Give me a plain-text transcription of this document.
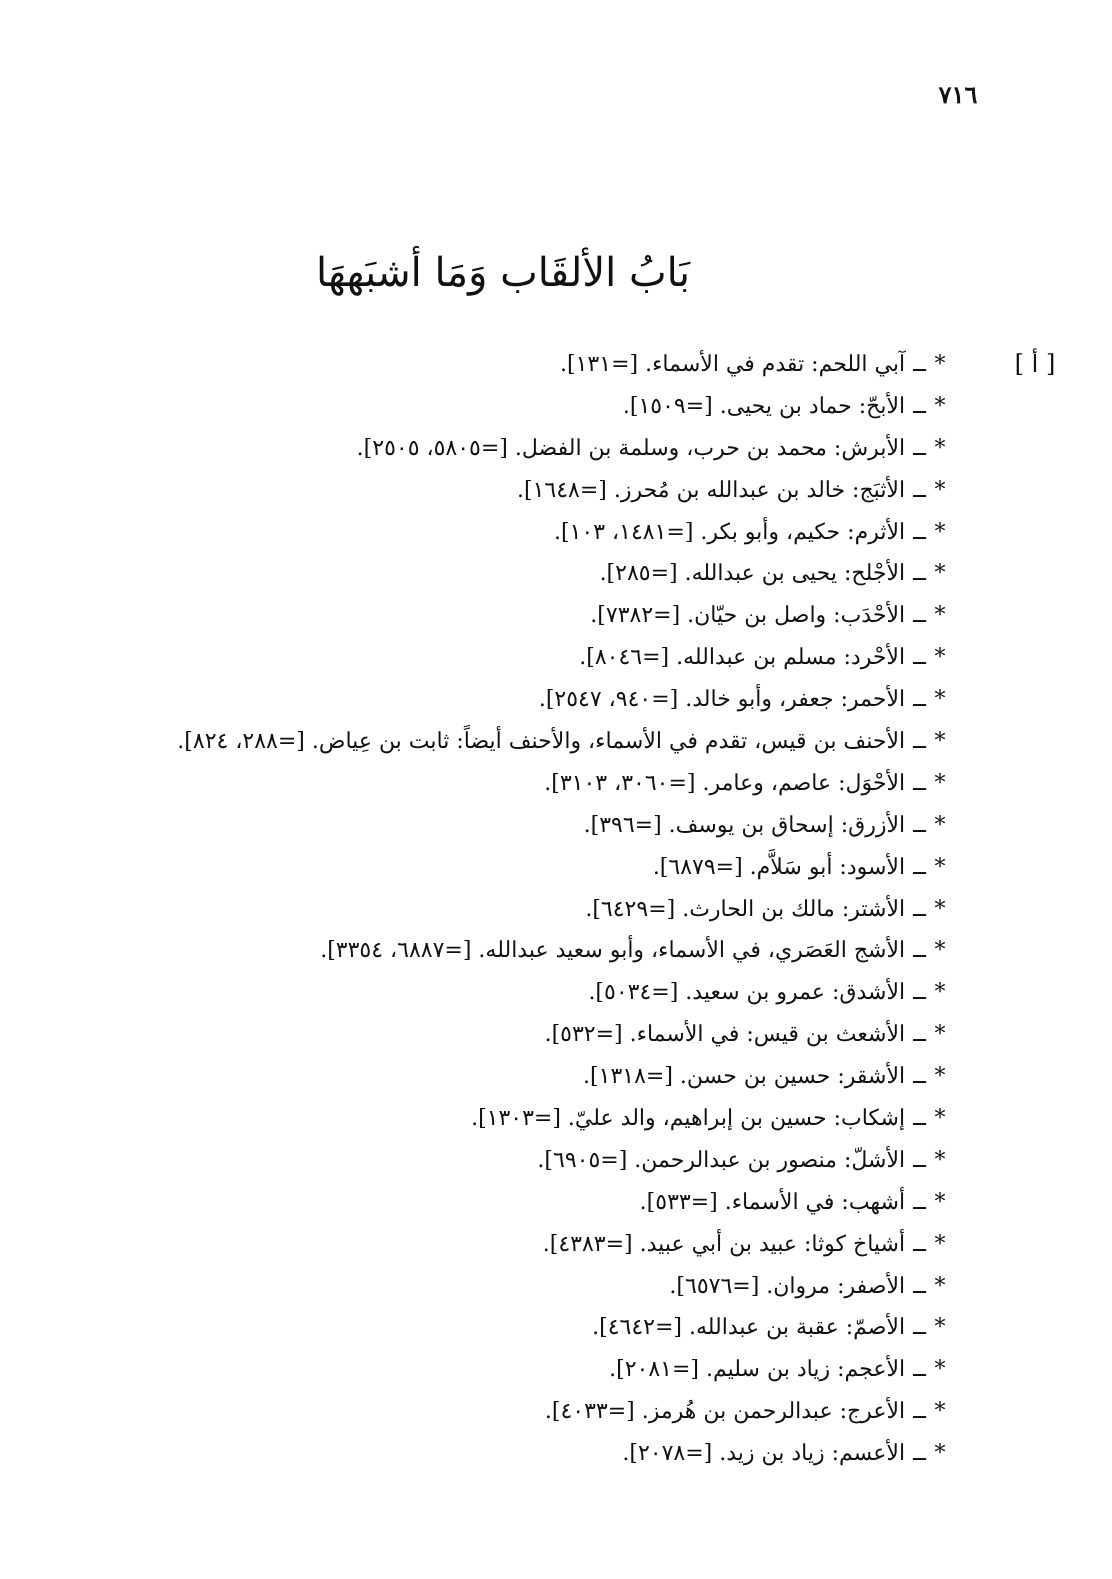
٧١٦
بَابُ الألقَاب وَمَا أشبَههَا
[ أ ]
*ــآبي اللحم: تقدم في الأسماء. [=١٣١].
*ــالأبحّ: حماد بن يحيى. [=١٥٠٩].
*ــالأبرش: محمد بن حرب، وسلمة بن الفضل. [=٥٨٠٥، ٢٥٠٥].
*ــالأثبَج: خالد بن عبدالله بن مُحرز. [=١٦٤٨].
*ــالأثرم: حكيم، وأبو بكر. [=١٤٨١، ١٠٣].
*ــالأجْلح: يحيى بن عبدالله. [=٢٨٥].
*ــالأحْدَب: واصل بن حيّان. [=٧٣٨٢].
*ــالأحْرد: مسلم بن عبدالله. [=٨٠٤٦].
*ــالأحمر: جعفر، وأبو خالد. [=٩٤٠، ٢٥٤٧].
*ــالأحنف بن قيس، تقدم في الأسماء، والأحنف أيضاً: ثابت بن عِياض. [=٢٨٨، ٨٢٤].
*ــالأحْوَل: عاصم، وعامر. [=٣٠٦٠، ٣١٠٣].
*ــالأزرق: إسحاق بن يوسف. [=٣٩٦].
*ــالأسود: أبو سَلاَّم. [=٦٨٧٩].
*ــالأشتر: مالك بن الحارث. [=٦٤٢٩].
*ــالأشج العَصَري، في الأسماء، وأبو سعيد عبدالله. [=٦٨٨٧، ٣٣٥٤].
*ــالأشدق: عمرو بن سعيد. [=٥٠٣٤].
*ــالأشعث بن قيس: في الأسماء. [=٥٣٢].
*ــالأشقر: حسين بن حسن. [=١٣١٨].
*ــإشكاب: حسين بن إبراهيم، والد عليّ. [=١٣٠٣].
*ــالأشلّ: منصور بن عبدالرحمن. [=٦٩٠٥].
*ــأشهب: في الأسماء. [=٥٣٣].
*ــأشياخ كوثا: عبيد بن أبي عبيد. [=٤٣٨٣].
*ــالأصفر: مروان. [=٦٥٧٦].
*ــالأصمّ: عقبة بن عبدالله. [=٤٦٤٢].
*ــالأعجم: زياد بن سليم. [=٢٠٨١].
*ــالأعرج: عبدالرحمن بن هُرمز. [=٤٠٣٣].
*ــالأعسم: زياد بن زيد. [=٢٠٧٨].
